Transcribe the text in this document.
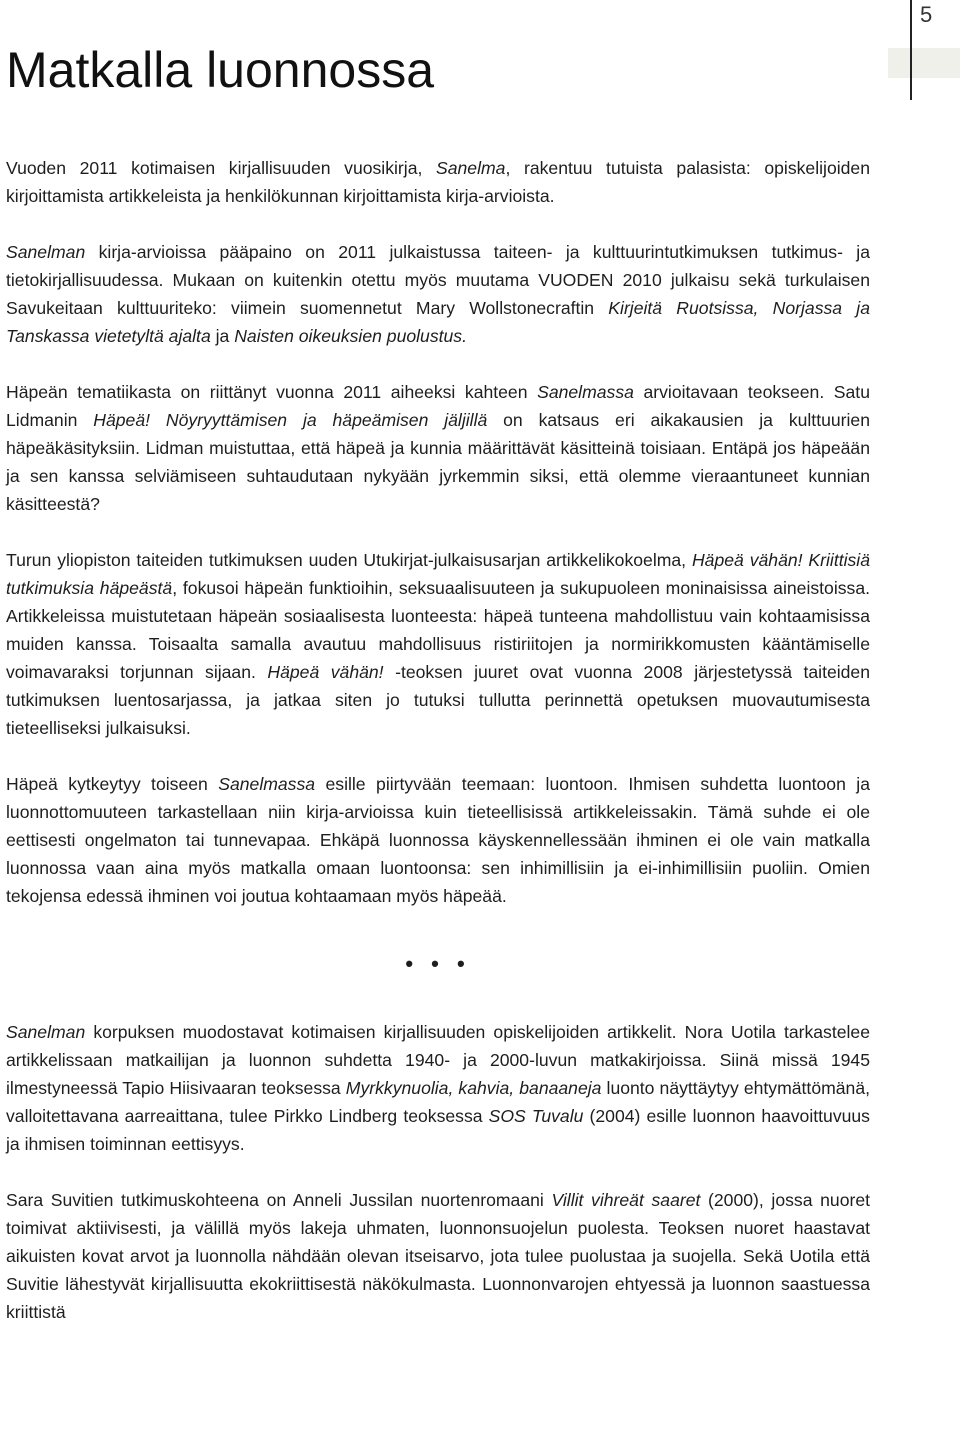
5
Matkalla luonnossa

Vuoden 2011 kotimaisen kirjallisuuden vuosikirja, Sanelma, rakentuu tutuista palasista: opiskelijoiden kirjoittamista artikkeleista ja henkilökunnan kirjoittamista kirja-arvioista.

Sanelman kirja-arvioissa pääpaino on 2011 julkaistussa taiteen- ja kulttuurintutkimuksen tutkimus- ja tietokirjallisuudessa. Mukaan on kuitenkin otettu myös muutama VUODEN 2010 julkaisu sekä turkulaisen Savukeitaan kulttuuriteko: viimein suomennetut Mary Wollstonecraftin Kirjeitä Ruotsissa, Norjassa ja Tanskassa vietetyltä ajalta ja Naisten oikeuksien puolustus.

Häpeän tematiikasta on riittänyt vuonna 2011 aiheeksi kahteen Sanelmassa arvioitavaan teokseen. Satu Lidmanin Häpeä! Nöyryyttämisen ja häpeämisen jäljillä on katsaus eri aikakausien ja kulttuurien häpeäkäsityksiin. Lidman muistuttaa, että häpeä ja kunnia määrittävät käsitteinä toisiaan. Entäpä jos häpeään ja sen kanssa selviämiseen suhtaudutaan nykyään jyrkemmin siksi, että olemme vieraantuneet kunnian käsitteestä?

Turun yliopiston taiteiden tutkimuksen uuden Utukirjat-julkaisusarjan artikkelikokoelma, Häpeä vähän! Kriittisiä tutkimuksia häpeästä, fokusoi häpeän funktioihin, seksuaalisuuteen ja sukupuoleen moninaisissa aineistoissa. Artikkeleissa muistutetaan häpeän sosiaalisesta luonteesta: häpeä tunteena mahdollistuu vain kohtaamisissa muiden kanssa. Toisaalta samalla avautuu mahdollisuus ristiriitojen ja normirikkomusten kääntämiselle voimavaraksi torjunnan sijaan. Häpeä vähän! -teoksen juuret ovat vuonna 2008 järjestetyssä taiteiden tutkimuksen luentosarjassa, ja jatkaa siten jo tutuksi tullutta perinnettä opetuksen muovautumisesta tieteelliseksi julkaisuksi.

Häpeä kytkeytyy toiseen Sanelmassa esille piirtyvään teemaan: luontoon. Ihmisen suhdetta luontoon ja luonnottomuuteen tarkastellaan niin kirja-arvioissa kuin tieteellisissä artikkeleissakin. Tämä suhde ei ole eettisesti ongelmaton tai tunnevapaa. Ehkäpä luonnossa käyskennellessään ihminen ei ole vain matkalla luonnossa vaan aina myös matkalla omaan luontoonsa: sen inhimillisiin ja ei-inhimillisiin puoliin. Omien tekojensa edessä ihminen voi joutua kohtaamaan myös häpeää.

• • •

Sanelman korpuksen muodostavat kotimaisen kirjallisuuden opiskelijoiden artikkelit. Nora Uotila tarkastelee artikkelissaan matkailijan ja luonnon suhdetta 1940- ja 2000-luvun matkakirjoissa. Siinä missä 1945 ilmestyneessä Tapio Hiisivaaran teoksessa Myrkkynuolia, kahvia, banaaneja luonto näyttäytyy ehtymättömänä, valloitettavana aarreaittana, tulee Pirkko Lindberg teoksessa SOS Tuvalu (2004) esille luonnon haavoittuvuus ja ihmisen toiminnan eettisyys.

Sara Suvitien tutkimuskohteena on Anneli Jussilan nuortenromaani Villit vihreät saaret (2000), jossa nuoret toimivat aktiivisesti, ja välillä myös lakeja uhmaten, luonnonsuojelun puolesta. Teoksen nuoret haastavat aikuisten kovat arvot ja luonnolla nähdään olevan itseisarvo, jota tulee puolustaa ja suojella. Sekä Uotila että Suvitie lähestyvät kirjallisuutta ekokriittisestä näkökulmasta. Luonnonvarojen ehtyessä ja luonnon saastuessa kriittistä
